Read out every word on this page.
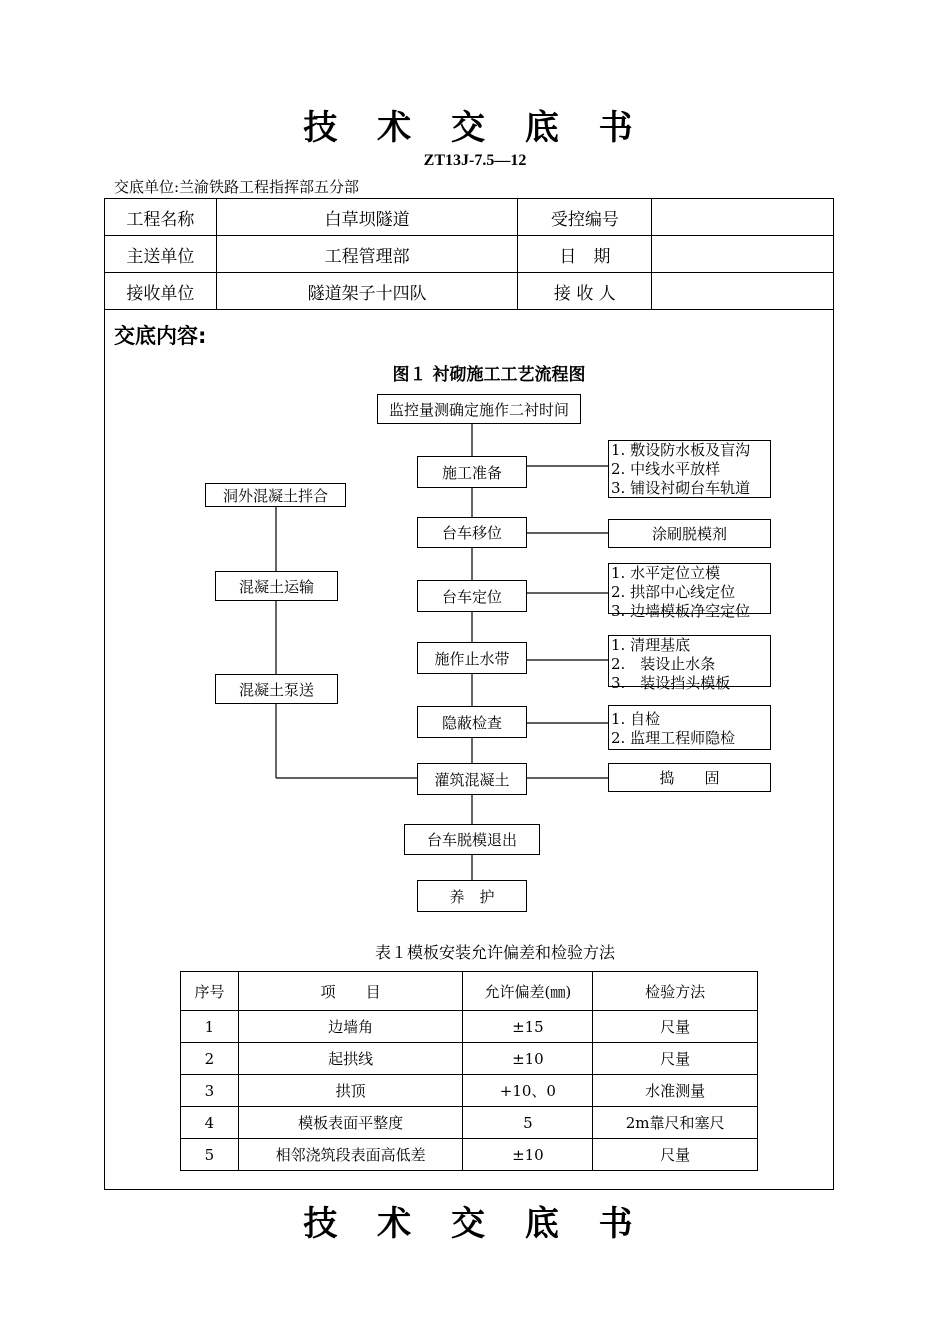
技 术 交 底 书
ZT13J-7.5—12
交底单位:兰渝铁路工程指挥部五分部
工程名称	白草坝隧道	受控编号	
主送单位	工程管理部	日　期	
接收单位	隧道架子十四队	接 收 人	
交底内容:
图１ 衬砌施工工艺流程图
监控量测确定施作二衬时间
施工准备
台车移位
台车定位
施作止水带
隐蔽检查
灌筑混凝土
台车脱模退出
养　护
洞外混凝土拌合
混凝土运输
混凝土泵送
1. 敷设防水板及盲沟
2. 中线水平放样
3. 铺设衬砌台车轨道
涂刷脱模剂
1. 水平定位立模
2. 拱部中心线定位
3. 边墙模板净空定位
1. 清理基底
2.　装设止水条
3.　装设挡头模板
1. 自检
2. 监理工程师隐检
捣　　固
表１模板安装允许偏差和检验方法
序号	项　　目	允许偏差(㎜)	检验方法
1	边墙角	±15	尺量
2	起拱线	±10	尺量
3	拱顶	+10、0	水准测量
4	模板表面平整度	5	2m靠尺和塞尺
5	相邻浇筑段表面高低差	±10	尺量
技 术 交 底 书
